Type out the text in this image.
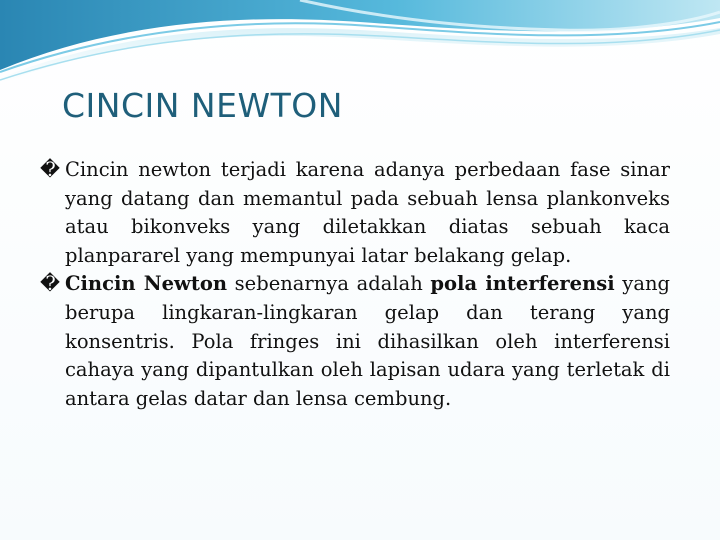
CINCIN NEWTON

� Cincin newton terjadi karena adanya perbedaan fase sinar yang datang dan memantul pada sebuah lensa plankonveks atau bikonveks yang diletakkan diatas sebuah kaca planpararel yang mempunyai latar belakang gelap.

� Cincin Newton sebenarnya adalah pola interferensi yang berupa lingkaran-lingkaran gelap dan terang yang konsentris. Pola fringes ini dihasilkan oleh interferensi cahaya yang dipantulkan oleh lapisan udara yang terletak di antara gelas datar dan lensa cembung.
